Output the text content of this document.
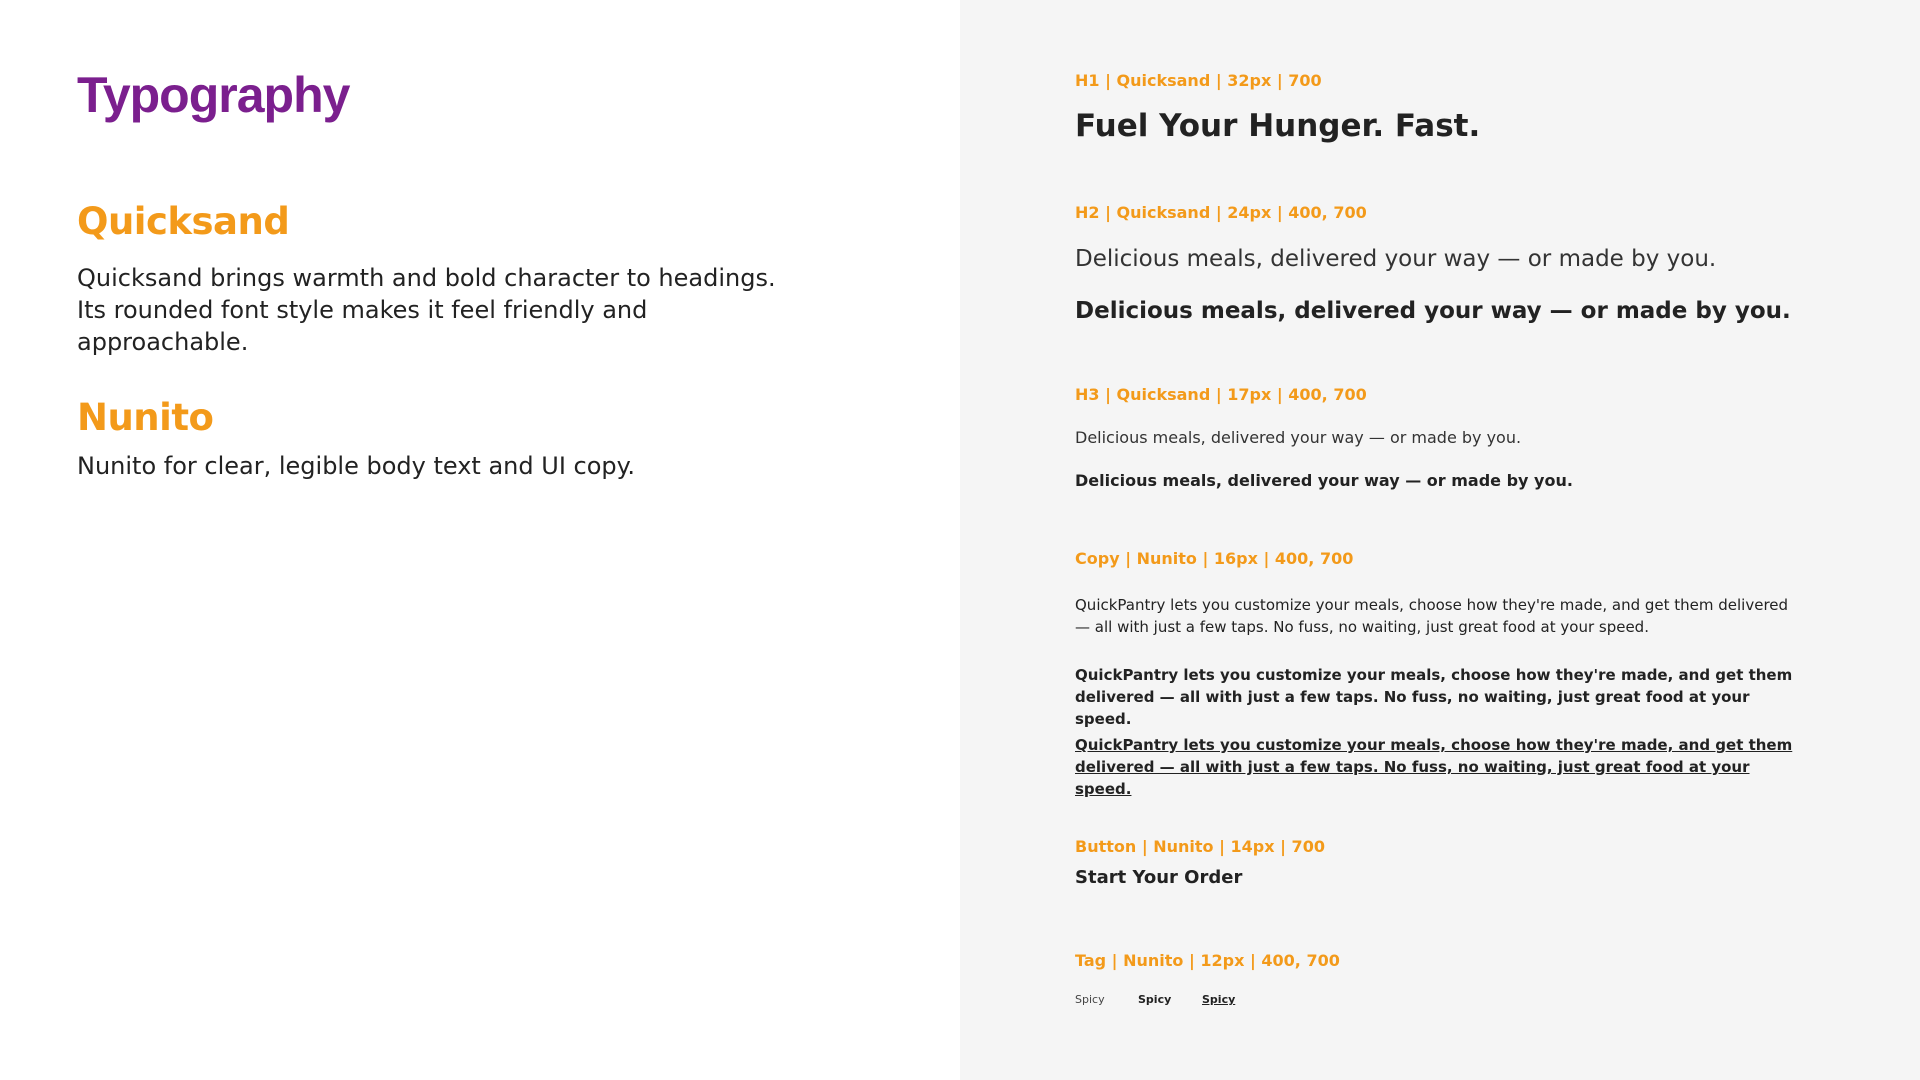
Typography
Quicksand
Quicksand brings warmth and bold character to headings. Its rounded font style makes it feel friendly and approachable.
Nunito
Nunito for clear, legible body text and UI copy.
H1 | Quicksand | 32px | 700
Fuel Your Hunger. Fast.
H2 | Quicksand | 24px | 400, 700
Delicious meals, delivered your way — or made by you.
Delicious meals, delivered your way — or made by you.
H3 | Quicksand | 17px | 400, 700
Delicious meals, delivered your way — or made by you.
Delicious meals, delivered your way — or made by you.
Copy | Nunito | 16px | 400, 700
QuickPantry lets you customize your meals, choose how they're made, and get them delivered — all with just a few taps. No fuss, no waiting, just great food at your speed.
QuickPantry lets you customize your meals, choose how they're made, and get them delivered — all with just a few taps. No fuss, no waiting, just great food at your speed.
QuickPantry lets you customize your meals, choose how they're made, and get them delivered — all with just a few taps. No fuss, no waiting, just great food at your speed.
Button | Nunito | 14px | 700
Start Your Order
Tag | Nunito | 12px | 400, 700
Spicy	Spicy	Spicy
